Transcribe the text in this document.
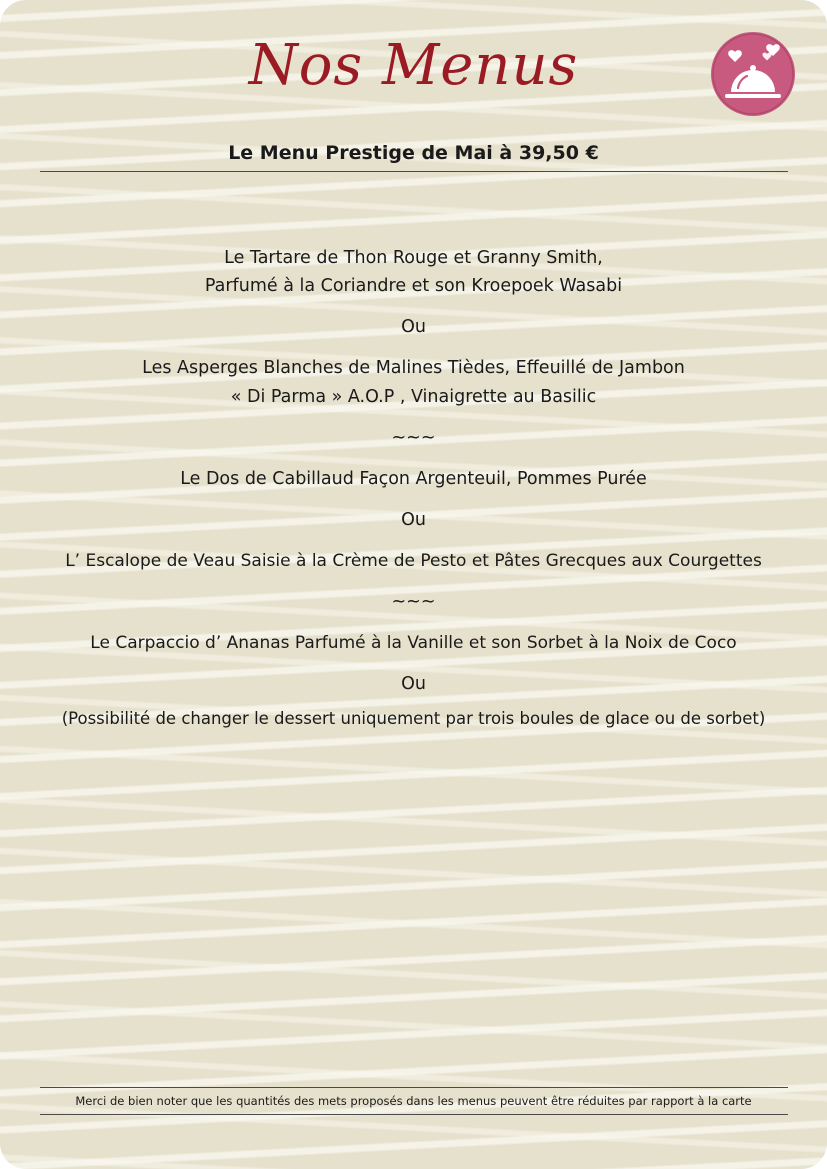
Nos Menus
Le Menu Prestige de Mai à 39,50 €
Le Tartare de Thon Rouge et Granny Smith,
Parfumé à la Coriandre et son Kroepoek Wasabi
Ou
Les Asperges Blanches de Malines Tièdes, Effeuillé de Jambon
« Di Parma » A.O.P , Vinaigrette au Basilic
~~~
Le Dos de Cabillaud Façon Argenteuil, Pommes Purée
Ou
L’ Escalope de Veau Saisie à la Crème de Pesto et Pâtes Grecques aux Courgettes
~~~
Le Carpaccio d’ Ananas Parfumé à la Vanille et son Sorbet à la Noix de Coco
Ou
(Possibilité de changer le dessert uniquement par trois boules de glace ou de sorbet)
Merci de bien noter que les quantités des mets proposés dans les menus peuvent être réduites par rapport à la carte
